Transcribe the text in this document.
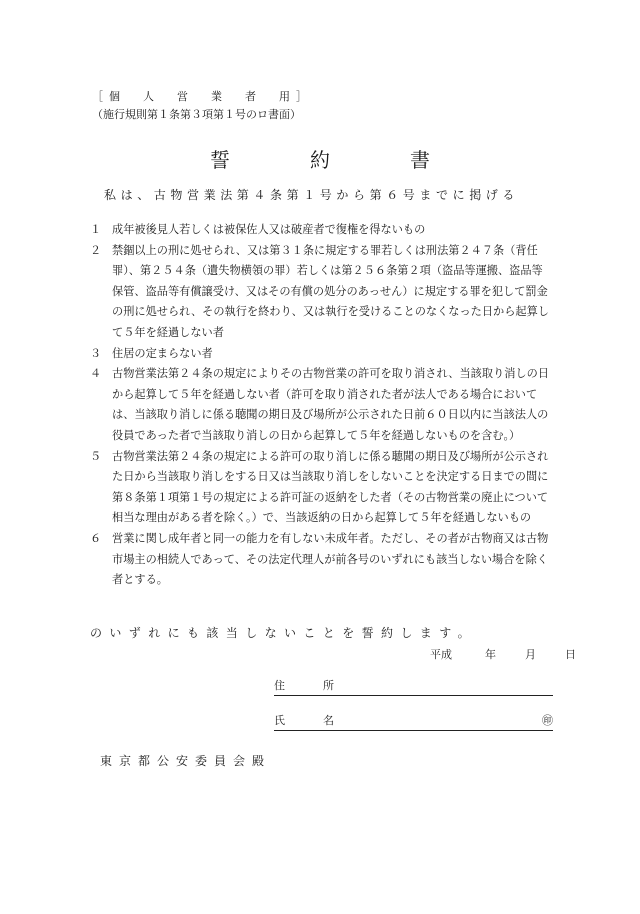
［個　人　営　業　者　用］
（施行規則第１条第３項第１号のロ書面）
誓　約　書
私は、古物営業法第４条第１号から第６号までに掲げる
１ 成年被後見人若しくは被保佐人又は破産者で復権を得ないもの
２ 禁錮以上の刑に処せられ、又は第３１条に規定する罪若しくは刑法第２４７条（背任罪）、第２５４条（遺失物横領の罪）若しくは第２５６条第２項（盗品等運搬、盗品等保管、盗品等有償譲受け、又はその有償の処分のあっせん）に規定する罪を犯して罰金の刑に処せられ、その執行を終わり、又は執行を受けることのなくなった日から起算して５年を経過しない者
３ 住居の定まらない者
４ 古物営業法第２４条の規定によりその古物営業の許可を取り消され、当該取り消しの日から起算して５年を経過しない者（許可を取り消された者が法人である場合においては、当該取り消しに係る聴聞の期日及び場所が公示された日前６０日以内に当該法人の役員であった者で当該取り消しの日から起算して５年を経過しないものを含む。）
５ 古物営業法第２４条の規定による許可の取り消しに係る聴聞の期日及び場所が公示された日から当該取り消しをする日又は当該取り消しをしないことを決定する日までの間に第８条第１項第１号の規定による許可証の返納をした者（その古物営業の廃止について相当な理由がある者を除く。）で、当該返納の日から起算して５年を経過しないもの
６ 営業に関し成年者と同一の能力を有しない未成年者。ただし、その者が古物商又は古物市場主の相続人であって、その法定代理人が前各号のいずれにも該当しない場合を除く者とする。
のいずれにも該当しないことを誓約します。
平成	年	月	日
住所
氏名	㊞
東京都公安委員会殿
